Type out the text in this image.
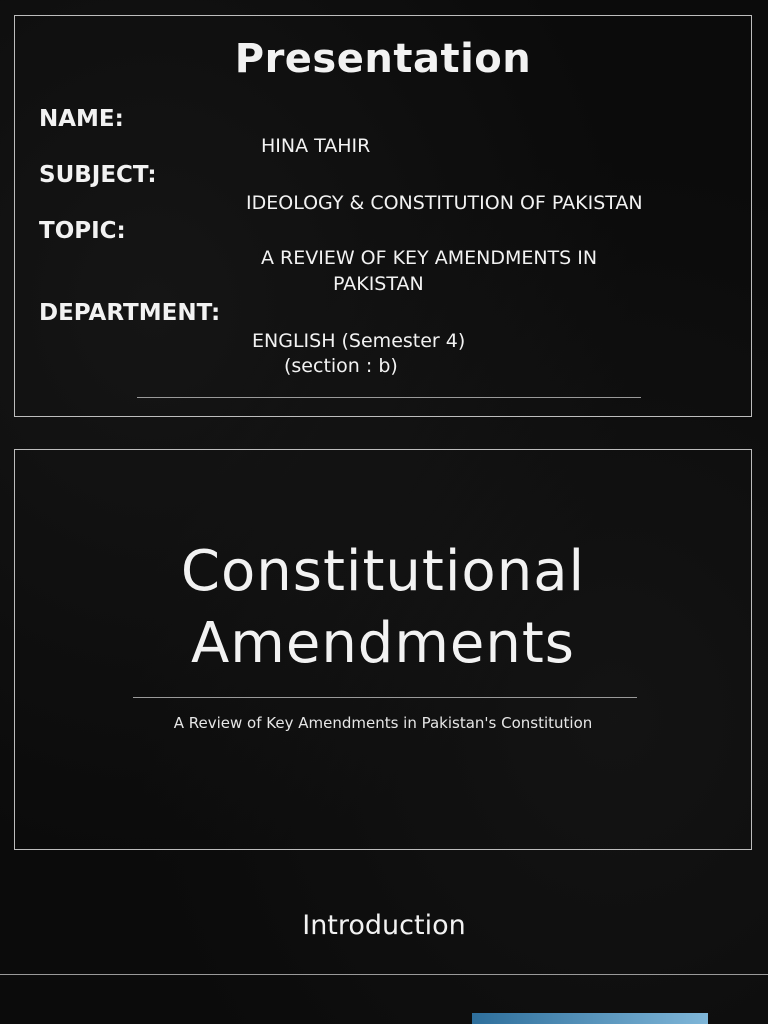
Presentation
NAME:
HINA TAHIR
SUBJECT:
IDEOLOGY & CONSTITUTION OF PAKISTAN
TOPIC:
A REVIEW OF KEY AMENDMENTS IN
PAKISTAN
DEPARTMENT:
ENGLISH (Semester 4)
(section : b)
Constitutional
Amendments
A Review of Key Amendments in Pakistan's Constitution
Introduction
